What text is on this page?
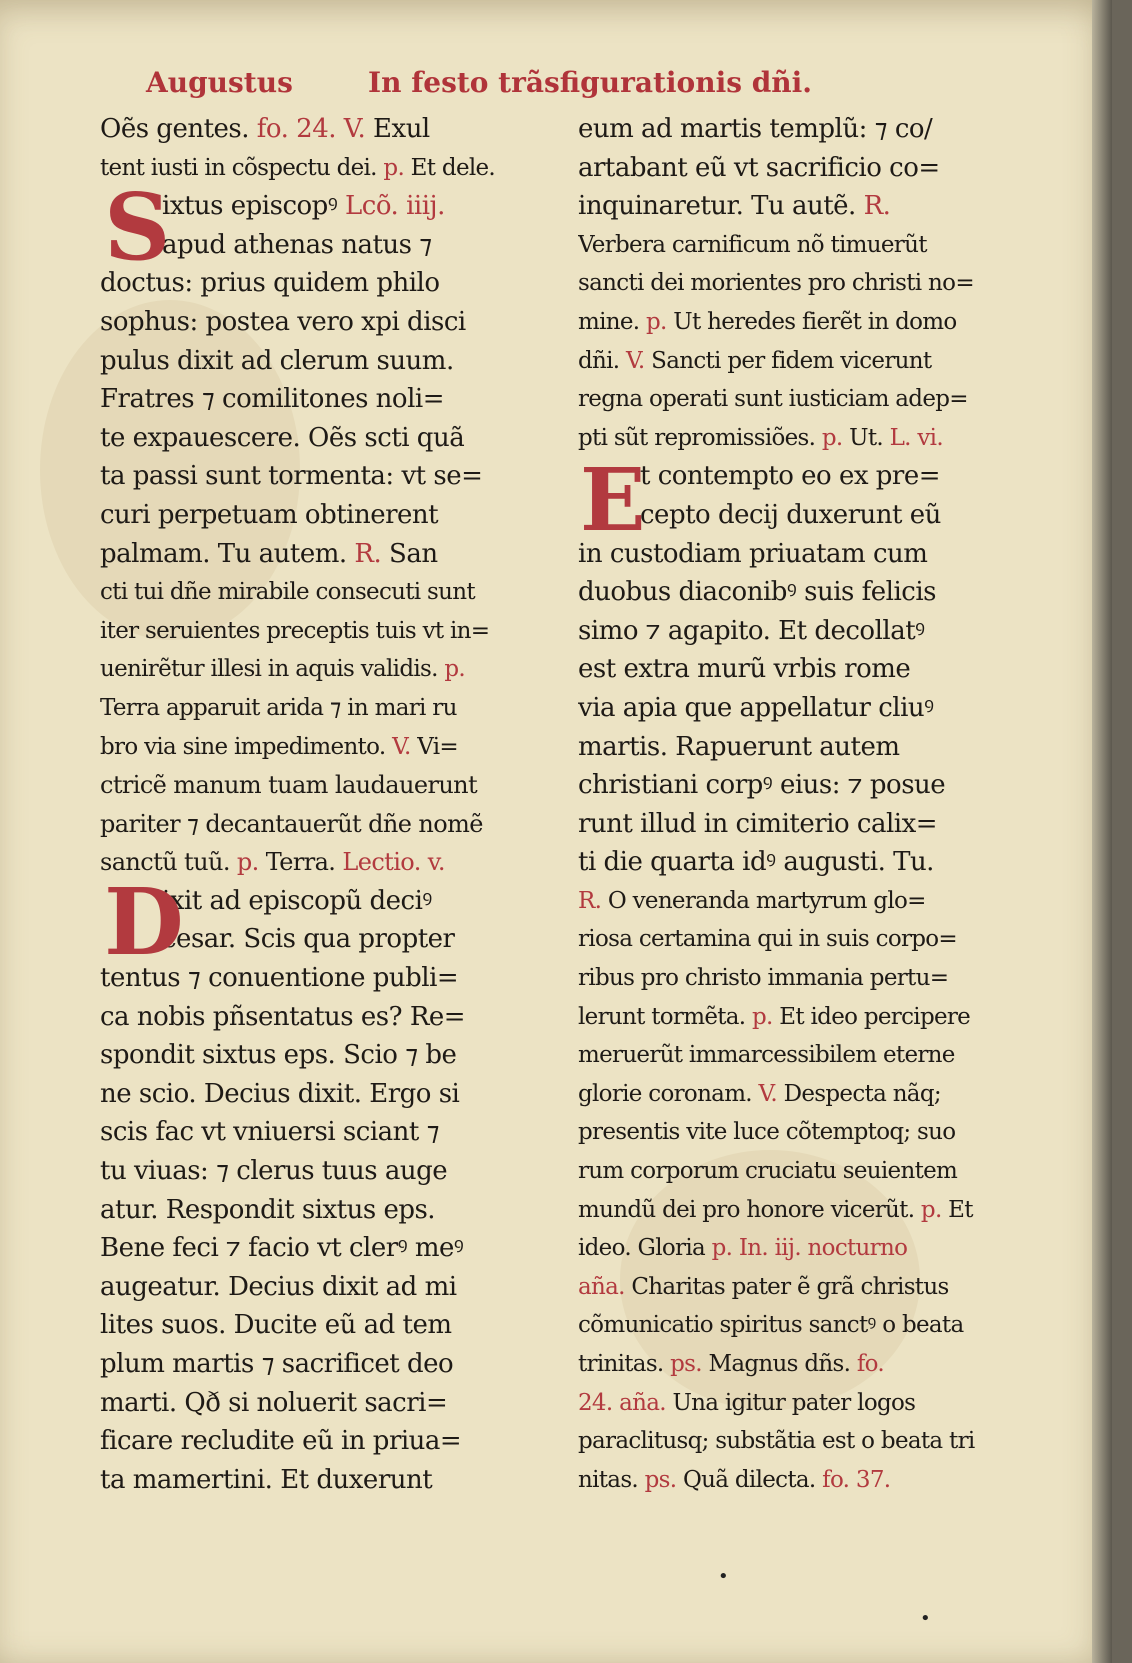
Augustus	In festo trãsfigurationis dñi.
Oẽs gentes. fo. 24. V. Exul
tent iusti in cõspectu dei. p. Et dele.
ixtus episcopꝰ Lcõ. iiij.
apud athenas natus ⁊
doctus: prius quidem philo
sophus: postea vero xpi disci
pulus dixit ad clerum suum.
Fratres ⁊ comilitones noli=
te expauescere. Oẽs scti quã
ta passi sunt tormenta: vt se=
curi perpetuam obtinerent
palmam. Tu autem. R. San
cti tui dñe mirabile consecuti sunt
iter seruientes preceptis tuis vt in=
uenirẽtur illesi in aquis validis. p.
Terra apparuit arida ⁊ in mari ru
bro via sine impedimento. V. Vi=
ctricẽ manum tuam laudauerunt
pariter ⁊ decantauerũt dñe nomẽ
sanctũ tuũ. p. Terra. Lectio. v.
ixit ad episcopũ deciꝰ
cesar. Scis qua propter
tentus ⁊ conuentione publi=
ca nobis pñsentatus es? Re=
spondit sixtus eps. Scio ⁊ be
ne scio. Decius dixit. Ergo si
scis fac vt vniuersi sciant ⁊
tu viuas: ⁊ clerus tuus auge
atur. Respondit sixtus eps.
Bene feci ⁊ facio vt clerꝰ meꝰ
augeatur. Decius dixit ad mi
lites suos. Ducite eũ ad tem
plum martis ⁊ sacrificet deo
marti. Qð si noluerit sacri=
ficare recludite eũ in priua=
ta mamertini. Et duxerunt
S
D
eum ad martis templũ: ⁊ co/
artabant eũ vt sacrificio co=
inquinaretur. Tu autẽ. R.
Verbera carnificum nõ timuerũt
sancti dei morientes pro christi no=
mine. p. Ut heredes fierẽt in domo
dñi. V. Sancti per fidem vicerunt
regna operati sunt iusticiam adep=
pti sũt repromissiões. p. Ut. L. vi.
t contempto eo ex pre=
cepto decij duxerunt eũ
in custodiam priuatam cum
duobus diaconibꝰ suis felicis
simo ⁊ agapito. Et decollatꝰ
est extra murũ vrbis rome
via apia que appellatur cliuꝰ
martis. Rapuerunt autem
christiani corpꝰ eius: ⁊ posue
runt illud in cimiterio calix=
ti die quarta idꝰ augusti. Tu.
R. O veneranda martyrum glo=
riosa certamina qui in suis corpo=
ribus pro christo immania pertu=
lerunt tormẽta. p. Et ideo percipere
meruerũt immarcessibilem eterne
glorie coronam. V. Despecta nãq;
presentis vite luce cõtemptoq; suo
rum corporum cruciatu seuientem
mundũ dei pro honore vicerũt. p. Et
ideo. Gloria p. In. iij. nocturno
aña. Charitas pater ẽ grã christus
cõmunicatio spiritus sanctꝰ o beata
trinitas. ps. Magnus dñs. fo.
24. aña. Una igitur pater logos
paraclitusq; substãtia est o beata tri
nitas. ps. Quã dilecta. fo. 37.
E
•
•
